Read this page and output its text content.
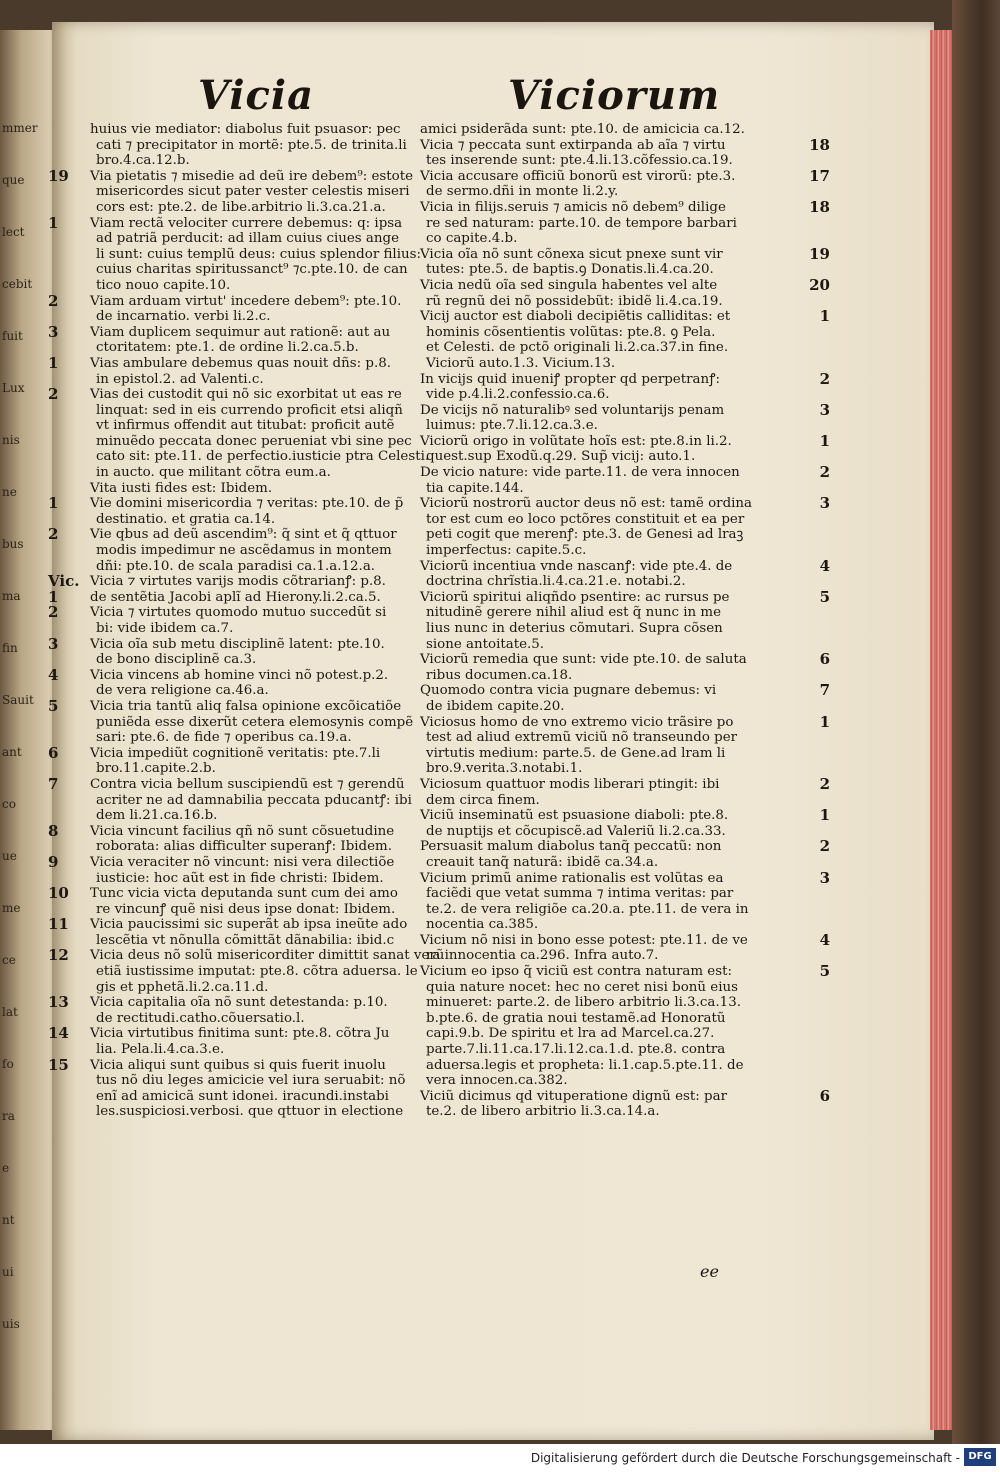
mmer
que
lect
cebit
fuit
Lux
nis
ne
bus
ma
fin
Sauit
ant
co
ue
me
ce
lat
fo
ra
e
nt
ui
uis
Vicia	Viciorum
huius vie mediator: diabolus fuit psuasor: pec
cati ⁊ precipitator in mortẽ: pte.5. de trinita.li
bro.4.ca.12.b.
19 Via pietatis ⁊ misedie ad deũ ire debem⁹: estote
misericordes sicut pater vester celestis miseri
cors est: pte.2. de libe.arbitrio li.3.ca.21.a.
1 Viam rectã velociter currere debemus: q: ipsa
ad patriã perducit: ad illam cuius ciues ange
li sunt: cuius templũ deus: cuius splendor filius:
cuius charitas spiritussanct⁹ ⁊c.pte.10. de can
tico nouo capite.10.
2 Viam arduam virtut' incedere debem⁹: pte.10.
de incarnatio. verbi li.2.c.
3 Viam duplicem sequimur aut rationẽ: aut au
ctoritatem: pte.1. de ordine li.2.ca.5.b.
1 Vias ambulare debemus quas nouit dñs: p.8.
in epistol.2. ad Valenti.c.
2 Vias dei custodit qui nõ sic exorbitat ut eas re
linquat: sed in eis currendo proficit etsi aliqñ
vt infirmus offendit aut titubat: proficit autẽ
minuẽdo peccata donec perueniat vbi sine pec
cato sit: pte.11. de perfectio.iusticie ptra Celesti.
in aucto. que militant cõtra eum.a.
Vita iusti fides est: Ibidem.
1 Vie domini misericordia ⁊ veritas: pte.10. de p̃
destinatio. et gratia ca.14.
2 Vie qbus ad deũ ascendim⁹: q̃ sint et q̃ qttuor
modis impedimur ne ascẽdamus in montem
dñi: pte.10. de scala paradisi ca.1.a.12.a.
Vic. Vicia ⁊ virtutes varijs modis cõtrarianꝭ: p.8.
1 de sentẽtia Jacobi aplĩ ad Hierony.li.2.ca.5.
2 Vicia ⁊ virtutes quomodo mutuo succedũt si
bi: vide ibidem ca.7.
3 Vicia oĩa sub metu disciplinẽ latent: pte.10.
de bono disciplinẽ ca.3.
4 Vicia vincens ab homine vinci nõ potest.p.2.
de vera religione ca.46.a.
5 Vicia tria tantũ aliq falsa opinione excõicatiõe
puniẽda esse dixerũt cetera elemosynis compẽ
sari: pte.6. de fide ⁊ operibus ca.19.a.
6 Vicia impediũt cognitionẽ veritatis: pte.7.li
bro.11.capite.2.b.
7 Contra vicia bellum suscipiendũ est ⁊ gerendũ
acriter ne ad damnabilia peccata pducantꝭ: ibi
dem li.21.ca.16.b.
8 Vicia vincunt facilius qñ nõ sunt cõsuetudine
roborata: alias difficulter superanꝭ: Ibidem.
9 Vicia veraciter nõ vincunt: nisi vera dilectiõe
iusticie: hoc aũt est in fide christi: Ibidem.
10 Tunc vicia victa deputanda sunt cum dei amo
re vincunꝭ quẽ nisi deus ipse donat: Ibidem.
11 Vicia paucissimi sic superãt ab ipsa ineũte ado
lescẽtia vt nõnulla cõmittãt dãnabilia: ibid.c
12 Vicia deus nõ solũ misericorditer dimittit sanat verũ
etiã iustissime imputat: pte.8. cõtra aduersa. le
gis et pphetã.li.2.ca.11.d.
13 Vicia capitalia oĩa nõ sunt detestanda: p.10.
de rectitudi.catho.cõuersatio.l.
14 Vicia virtutibus finitima sunt: pte.8. cõtra Ju
lia. Pela.li.4.ca.3.e.
15 Vicia aliqui sunt quibus si quis fuerit inuolu
tus nõ diu leges amicicie vel iura seruabit: nõ
enĩ ad amicicã sunt idonei. iracundi.instabi
les.suspiciosi.verbosi. que qttuor in electione
amici psiderãda sunt: pte.10. de amicicia ca.12.
18
Vicia ⁊ peccata sunt extirpanda ab aĩa ⁊ virtu
tes inserende sunt: pte.4.li.13.cõfessio.ca.19.
17
Vicia accusare officiũ bonorũ est virorũ: pte.3.
de sermo.dñi in monte li.2.y.
18
Vicia in filijs.seruis ⁊ amicis nõ debem⁹ dilige
re sed naturam: parte.10. de tempore barbari
co capite.4.b.
19
Vicia oĩa nõ sunt cõnexa sicut pnexe sunt vir
tutes: pte.5. de baptis.ꝯ Donatis.li.4.ca.20.
20
Vicia nedũ oĩa sed singula habentes vel alte
rũ regnũ dei nõ possidebũt: ibidẽ li.4.ca.19.
1
Vicij auctor est diaboli decipiẽtis calliditas: et
hominis cõsentientis volũtas: pte.8. ꝯ Pela.
et Celesti. de pctõ originali li.2.ca.37.in fine.
Viciorũ auto.1.3. Vicium.13.
2
In vicijs quid inueniꝭ propter qd perpetranꝭ:
vide p.4.li.2.confessio.ca.6.
3
De vicijs nõ naturalibꝰ sed voluntarijs penam
luimus: pte.7.li.12.ca.3.e.
1
Viciorũ origo in volũtate hoĩs est: pte.8.in li.2.
quest.sup Exodũ.q.29. Sup̃ vicij: auto.1.
2
De vicio nature: vide parte.11. de vera innocen
tia capite.144.
3
Viciorũ nostrorũ auctor deus nõ est: tamẽ ordina
tor est cum eo loco pctõres constituit et ea per
peti cogit que merenꝭ: pte.3. de Genesi ad lraꝫ
imperfectus: capite.5.c.
4
Viciorũ incentiua vnde nascanꝭ: vide pte.4. de
doctrina chrĩstia.li.4.ca.21.e. notabi.2.
5
Viciorũ spiritui aliqñdo psentire: ac rursus pe
nitudinẽ gerere nihil aliud est q̃ nunc in me
lius nunc in deterius cõmutari. Supra cõsen
sione antoitate.5.
6
Viciorũ remedia que sunt: vide pte.10. de saluta
ribus documen.ca.18.
7
Quomodo contra vicia pugnare debemus: vi
de ibidem capite.20.
1
Viciosus homo de vno extremo vicio trãsire po
test ad aliud extremũ viciũ nõ transeundo per
virtutis medium: parte.5. de Gene.ad lram li
bro.9.verita.3.notabi.1.
2
Viciosum quattuor modis liberari ptingit: ibi
dem circa finem.
1
Viciũ inseminatũ est psuasione diaboli: pte.8.
de nuptijs et cõcupiscẽ.ad Valeriũ li.2.ca.33.
2
Persuasit malum diabolus tanq̃ peccatũ: non
creauit tanq̃ naturã: ibidẽ ca.34.a.
3
Vicium primũ anime rationalis est volũtas ea
faciẽdi que vetat summa ⁊ intima veritas: par
te.2. de vera religiõe ca.20.a. pte.11. de vera in
nocentia ca.385.
4
Vicium nõ nisi in bono esse potest: pte.11. de ve
ra innocentia ca.296. Infra auto.7.
5
Vicium eo ipso q̃ viciũ est contra naturam est:
quia nature nocet: hec no ceret nisi bonũ eius
minueret: parte.2. de libero arbitrio li.3.ca.13.
b.pte.6. de gratia noui testamẽ.ad Honoratũ
capi.9.b. De spiritu et lra ad Marcel.ca.27.
parte.7.li.11.ca.17.li.12.ca.1.d. pte.8. contra
aduersa.legis et propheta: li.1.cap.5.pte.11. de
vera innocen.ca.382.
6
Viciũ dicimus qd vituperatione dignũ est: par
te.2. de libero arbitrio li.3.ca.14.a.
ee
Digitalisierung gefördert durch die Deutsche Forschungsgemeinschaft - DFG
